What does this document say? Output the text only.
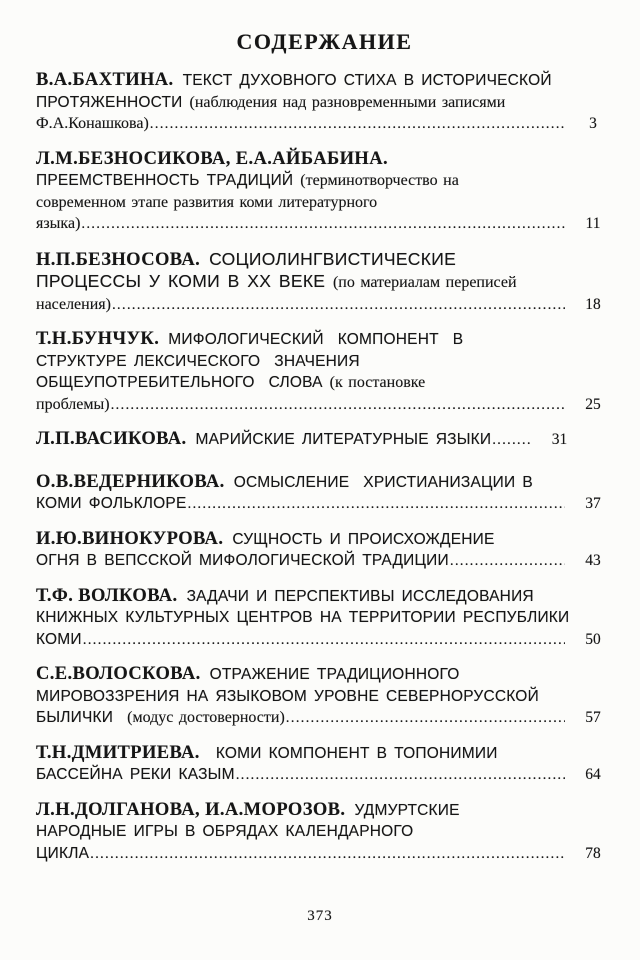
СОДЕРЖАНИЕ
В.А.БАХТИНА. ТЕКСТ ДУХОВНОГО СТИХА В ИСТОРИЧЕСКОЙ
ПРОТЯЖЕННОСТИ (наблюдения над разновременными записями
Ф.А.Конашкова) .....	3
Л.М.БЕЗНОСИКОВА, Е.А.АЙБАБИНА.
ПРЕЕМСТВЕННОСТЬ ТРАДИЦИЙ (терминотворчество на
современном этапе развития коми литературного
языка) .....	11
Н.П.БЕЗНОСОВА. СОЦИОЛИНГВИСТИЧЕСКИЕ
ПРОЦЕССЫ У КОМИ В XX ВЕКЕ (по материалам переписей
населения) .....	18
Т.Н.БУНЧУК. МИФОЛОГИЧЕСКИЙ  КОМПОНЕНТ  В
СТРУКТУРЕ ЛЕКСИЧЕСКОГО  ЗНАЧЕНИЯ
ОБЩЕУПОТРЕБИТЕЛЬНОГО  СЛОВА (к постановке
проблемы) .....	25
Л.П.ВАСИКОВА. МАРИЙСКИЕ ЛИТЕРАТУРНЫЕ ЯЗЫКИ ........ 31
О.В.ВЕДЕРНИКОВА. ОСМЫСЛЕНИЕ  ХРИСТИАНИЗАЦИИ В
КОМИ ФОЛЬКЛОРЕ .....	37
И.Ю.ВИНОКУРОВА. СУЩНОСТЬ И ПРОИСХОЖДЕНИЕ
ОГНЯ В ВЕПССКОЙ МИФОЛОГИЧЕСКОЙ ТРАДИЦИИ .....	43
Т.Ф. ВОЛКОВА. ЗАДАЧИ И ПЕРСПЕКТИВЫ ИССЛЕДОВАНИЯ
КНИЖНЫХ КУЛЬТУРНЫХ ЦЕНТРОВ НА ТЕРРИТОРИИ РЕСПУБЛИКИ
КОМИ .....	50
С.Е.ВОЛОСКОВА. ОТРАЖЕНИЕ ТРАДИЦИОННОГО
МИРОВОЗЗРЕНИЯ НА ЯЗЫКОВОМ УРОВНЕ СЕВЕРНОРУССКОЙ
БЫЛИЧКИ (модус достоверности) .....	57
Т.Н.ДМИТРИЕВА. КОМИ КОМПОНЕНТ В ТОПОНИМИИ
БАССЕЙНА РЕКИ КАЗЫМ .....	64
Л.Н.ДОЛГАНОВА, И.А.МОРОЗОВ. УДМУРТСКИЕ
НАРОДНЫЕ ИГРЫ В ОБРЯДАХ КАЛЕНДАРНОГО
ЦИКЛА .....	78
373
